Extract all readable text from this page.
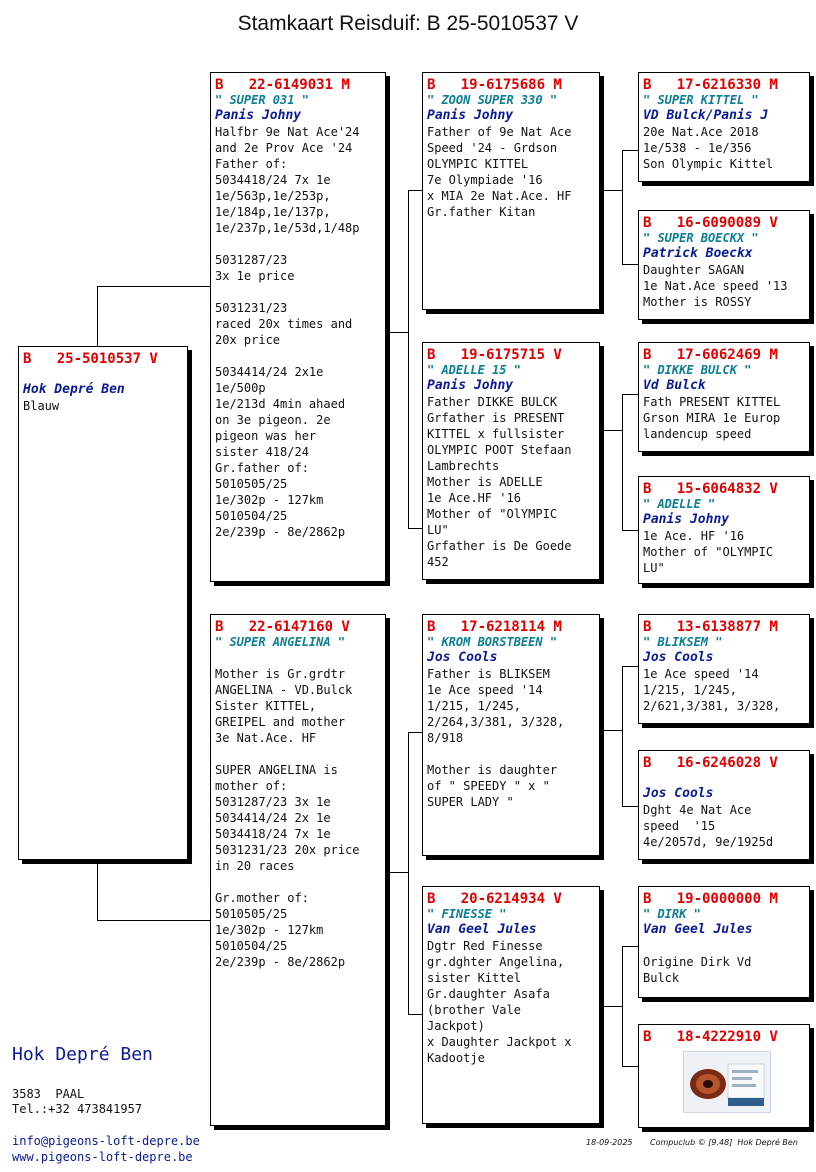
Stamkaart Reisduif: B 25-5010537 V
B   25-5010537 V
Hok Depré Ben
Blauw
B   22-6149031 M
" SUPER 031 "
Panis Johny
Halfbr 9e Nat Ace'24
and 2e Prov Ace '24
Father of:
5034418/24 7x 1e
1e/563p,1e/253p,
1e/184p,1e/137p,
1e/237p,1e/53d,1/48p

5031287/23
3x 1e price

5031231/23
raced 20x times and
20x price

5034414/24 2x1e
1e/500p
1e/213d 4min ahaed
on 3e pigeon. 2e
pigeon was her
sister 418/24
Gr.father of:
5010505/25
1e/302p - 127km
5010504/25
2e/239p - 8e/2862p
B   22-6147160 V
" SUPER ANGELINA "
Mother is Gr.grdtr
ANGELINA - VD.Bulck
Sister KITTEL,
GREIPEL and mother
3e Nat.Ace. HF

SUPER ANGELINA is
mother of:
5031287/23 3x 1e
5034414/24 2x 1e
5034418/24 7x 1e
5031231/23 20x price
in 20 races

Gr.mother of:
5010505/25
1e/302p - 127km
5010504/25
2e/239p - 8e/2862p
B   19-6175686 M
" ZOON SUPER 330 "
Panis Johny
Father of 9e Nat Ace
Speed '24 - Grdson
OLYMPIC KITTEL
7e Olympiade '16
x MIA 2e Nat.Ace. HF
Gr.father Kitan
B   19-6175715 V
" ADELLE 15 "
Panis Johny
Father DIKKE BULCK
Grfather is PRESENT
KITTEL x fullsister
OLYMPIC POOT Stefaan
Lambrechts
Mother is ADELLE
1e Ace.HF '16
Mother of "OlYMPIC
LU"
Grfather is De Goede
452
B   17-6218114 M
" KROM BORSTBEEN "
Jos Cools
Father is BLIKSEM
1e Ace speed '14
1/215, 1/245,
2/264,3/381, 3/328,
8/918

Mother is daughter
of " SPEEDY " x "
SUPER LADY "
B   20-6214934 V
" FINESSE "
Van Geel Jules
Dgtr Red Finesse
gr.dghter Angelina,
sister Kittel
Gr.daughter Asafa
(brother Vale
Jackpot)
x Daughter Jackpot x
Kadootje
B   17-6216330 M
" SUPER KITTEL "
VD Bulck/Panis J
20e Nat.Ace 2018
1e/538 - 1e/356
Son Olympic Kittel
B   16-6090089 V
" SUPER BOECKX "
Patrick Boeckx
Daughter SAGAN
1e Nat.Ace speed '13
Mother is ROSSY
B   17-6062469 M
" DIKKE BULCK "
Vd Bulck
Fath PRESENT KITTEL
Grson MIRA 1e Europ
landencup speed
B   15-6064832 V
" ADELLE "
Panis Johny
1e Ace. HF '16
Mother of "OLYMPIC
LU"
B   13-6138877 M
" BLIKSEM "
Jos Cools
1e Ace speed '14
1/215, 1/245,
2/621,3/381, 3/328,
B   16-6246028 V
Jos Cools
Dght 4e Nat Ace
speed  '15
4e/2057d, 9e/1925d
B   19-0000000 M
" DIRK "
Van Geel Jules
Origine Dirk Vd
Bulck
B   18-4222910 V
Hok Depré Ben
3583  PAAL
Tel.:+32 473841957
info@pigeons-loft-depre.be
www.pigeons-loft-depre.be
18-09-2025 Compuclub © [9.48]  Hok Depré Ben
